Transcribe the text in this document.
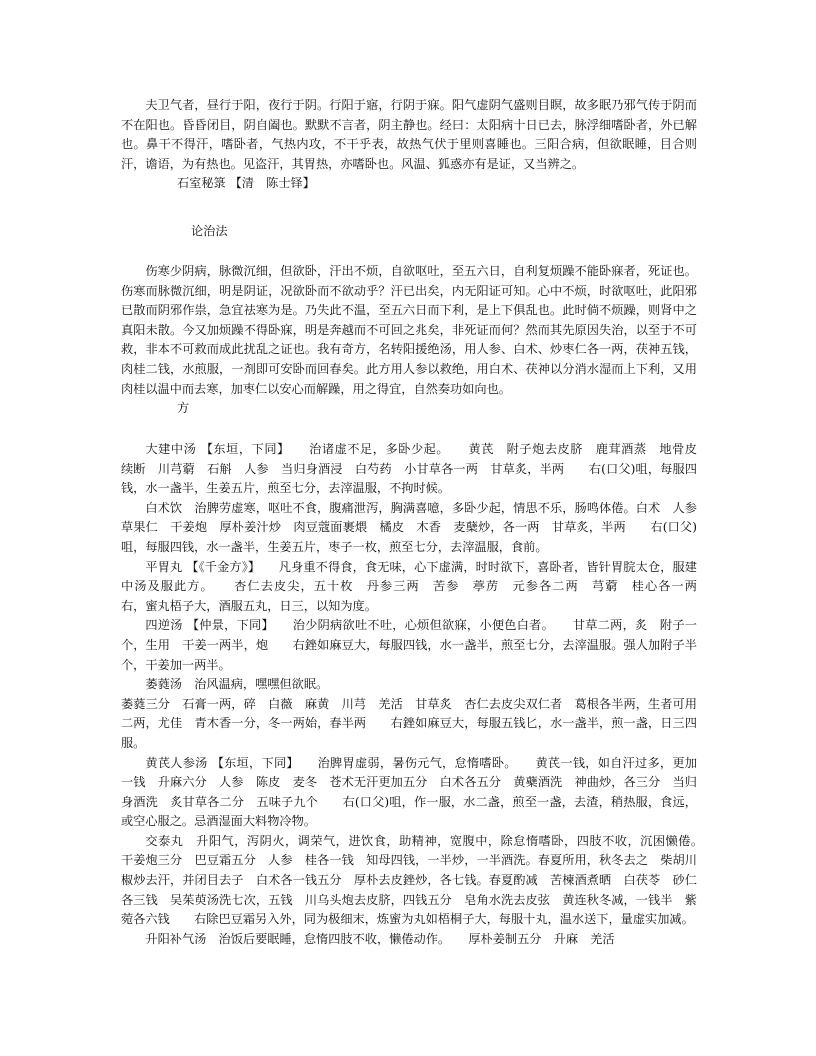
夫卫气者，昼行于阳，夜行于阴。行阳于寤，行阴于寐。阳气虚阴气盛则目瞑，故多眠乃邪气传于阴而不在阳也。昏昏闭目，阴自阖也。默默不言者，阴主静也。经曰：太阳病十日已去，脉浮细嗜卧者，外已解也。鼻干不得汗，嗜卧者，气热内攻，不干乎表，故热气伏于里则喜睡也。三阳合病，但欲眠睡，目合则汗，谵语，为有热也。见盗汗，其胃热，亦嗜卧也。风温、狐惑亦有是证，又当辨之。

石室秘箓 【清　陈士铎】
论治法

伤寒少阴病，脉微沉细，但欲卧，汗出不烦，自欲呕吐，至五六日，自利复烦躁不能卧寐者，死证也。伤寒而脉微沉细，明是阴证，况欲卧而不欲动乎？汗已出矣，内无阳证可知。心中不烦，时欲呕吐，此阳邪已散而阴邪作祟，急宜祛寒为是。乃失此不温，至五六日而下利，是上下俱乱也。此时倘不烦躁，则肾中之真阳未散。今又加烦躁不得卧寐，明是奔越而不可回之兆矣，非死证而何？然而其先原因失治，以至于不可救，非本不可救而成此扰乱之证也。我有奇方，名转阳援绝汤，用人参、白术、炒枣仁各一两，茯神五钱，肉桂二钱，水煎服，一剂即可安卧而回春矣。此方用人参以救绝，用白术、茯神以分消水湿而上下利，又用肉桂以温中而去寒，加枣仁以安心而解躁，用之得宜，自然奏功如向也。

方

大建中汤 【东垣，下同】　　治诸虚不足，多卧少起。　　黄芪　附子炮去皮脐　鹿茸酒蒸　地骨皮　续断　川芎藭　石斛　人参　当归身酒浸　白芍药　小甘草各一两　甘草炙，半两　　右(口父)咀，每服四钱，水一盏半，生姜五片，煎至七分，去滓温服，不拘时候。

白术饮　治脾劳虚寒，呕吐不食，腹痛泄泻，胸满喜噫，多卧少起，情思不乐，肠鸣体倦。白术　人参　草果仁　干姜炮　厚朴姜汁炒　肉豆蔻面裹煨　橘皮　木香　麦蘖炒，各一两　甘草炙，半两　　右(口父)咀，每服四钱，水一盏半，生姜五片，枣子一枚，煎至七分，去滓温服，食前。

平胃丸 【《千金方》】　　凡身重不得食，食无味，心下虚满，时时欲下，喜卧者，皆针胃脘太仓，服建中汤及服此方。　　杏仁去皮尖，五十枚　丹参三两　苦参　葶苈　元参各二两　芎藭　桂心各一两　　右，蜜丸梧子大，酒服五丸，日三，以知为度。

四逆汤 【仲景，下同】　　治少阴病欲吐不吐，心烦但欲寐，小便色白者。　　甘草二两，炙　附子一个，生用　干姜一两半，炮　　右銼如麻豆大，每服四钱，水一盏半，煎至七分，去滓温服。强人加附子半个，干姜加一两半。

萎蕤汤　治风温病，嘿嘿但欲眠。

萎蕤三分　石膏一两，碎　白薇　麻黄　川芎　羌活　甘草炙　杏仁去皮尖双仁者　葛根各半两，生者可用二两，尤佳　青木香一分，冬一两始，春半两　　右銼如麻豆大，每服五钱匕，水一盏半，煎一盏，日三四服。

黄芪人参汤 【东垣，下同】　　治脾胃虚弱，暑伤元气，怠惰嗜卧。　　黄芪一钱，如自汗过多，更加一钱　升麻六分　人参　陈皮　麦冬　苍术无汗更加五分　白术各五分　黄蘗酒洗　神曲炒，各三分　当归身酒洗　炙甘草各二分　五味子九个　　右(口父)咀，作一服，水二盏，煎至一盏，去渣，稍热服，食远，或空心服之。忌酒湿面大料物冷物。

交泰丸　升阳气，泻阴火，调荣气，进饮食，助精神，宽腹中，除怠惰嗜卧，四肢不收，沉困懒倦。　　干姜炮三分　巴豆霜五分　人参　桂各一钱　知母四钱，一半炒，一半酒洗。春夏所用，秋冬去之　柴胡川椒炒去汗，并闭目去子　白术各一钱五分　厚朴去皮銼炒，各七钱。春夏酌减　苦楝酒煮晒　白茯苓　砂仁各三钱　吴茱萸汤洗七次，五钱　川乌头炮去皮脐，四钱五分　皂角水洗去皮弦　黄连秋冬减，一钱半　紫菀各六钱　　右除巴豆霜另入外，同为极细末，炼蜜为丸如梧桐子大，每服十丸，温水送下，量虚实加减。

升阳补气汤　治饭后要眠睡，怠惰四肢不收，懒倦动作。　　厚朴姜制五分　升麻　羌活
